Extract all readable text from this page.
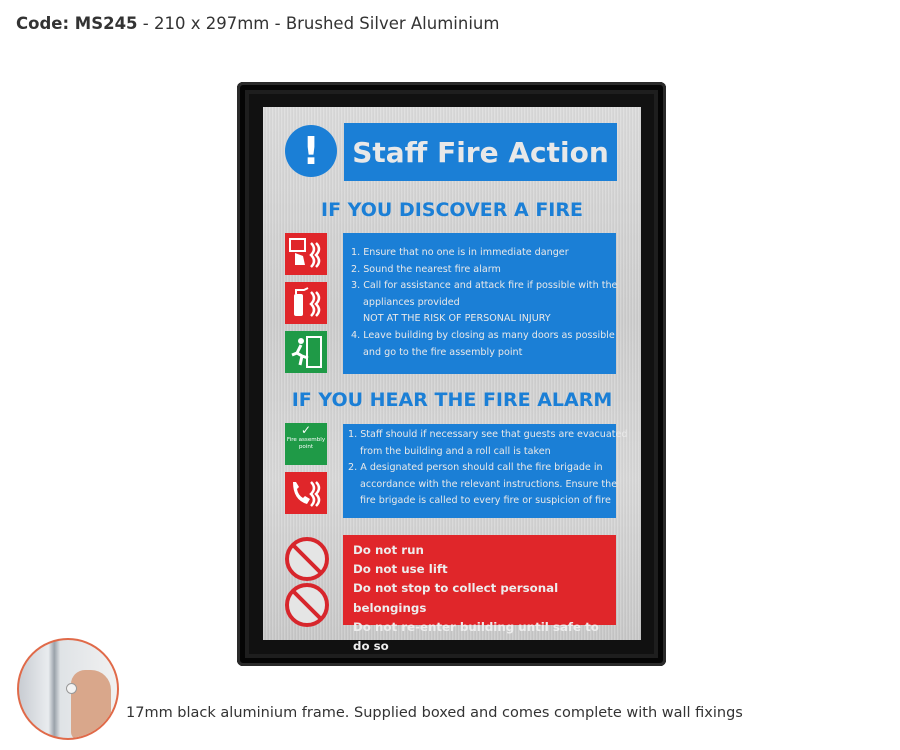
Code: MS245 - 210 x 297mm - Brushed Silver Aluminium
!	Staff Fire Action
IF YOU DISCOVER A FIRE
1. Ensure that no one is in immediate danger
2. Sound the nearest fire alarm
3. Call for assistance and attack fire if possible with the
appliances provided
NOT AT THE RISK OF PERSONAL INJURY
4. Leave building by closing as many doors as possible
and go to the fire assembly point
IF YOU HEAR THE FIRE ALARM
✓
Fire assembly point
1. Staff should if necessary see that guests are evacuated
from the building and a roll call is taken
2. A designated person should call the fire brigade in
accordance with the relevant instructions. Ensure the
fire brigade is called to every fire or suspicion of fire
Do not run
Do not use lift
Do not stop to collect personal belongings
Do not re-enter building until safe to do so
17mm black aluminium frame. Supplied boxed and comes complete with wall fixings
